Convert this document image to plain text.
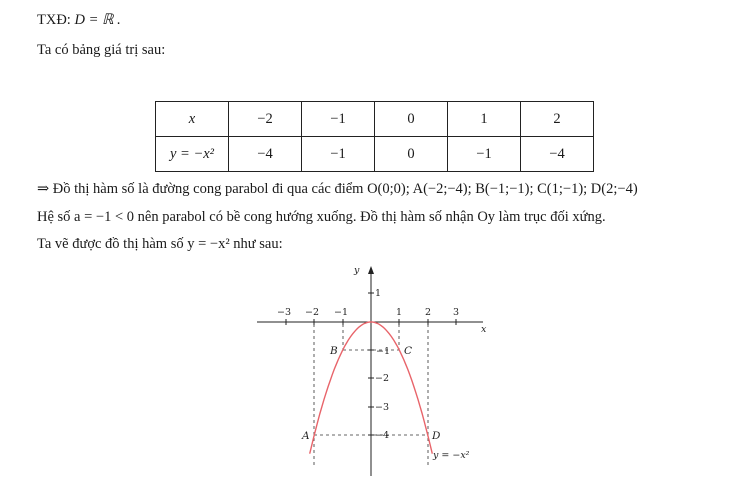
TXĐ: D = ℝ .
Ta có bảng giá trị sau:
x	−2	−1	0	1	2
y = −x²	−4	−1	0	−1	−4
⇒ Đồ thị hàm số là đường cong parabol đi qua các điểm O(0;0); A(−2;−4); B(−1;−1); C(1;−1); D(2;−4)
Hệ số a = −1 < 0 nên parabol có bề cong hướng xuống. Đồ thị hàm số nhận Oy làm trục đối xứng.
Ta vẽ được đồ thị hàm số y = −x² như sau:
y
x
−3 −2 −1	1 2 3
1
−1
−2
−3
−4
B	C
A	D
y = −x²
